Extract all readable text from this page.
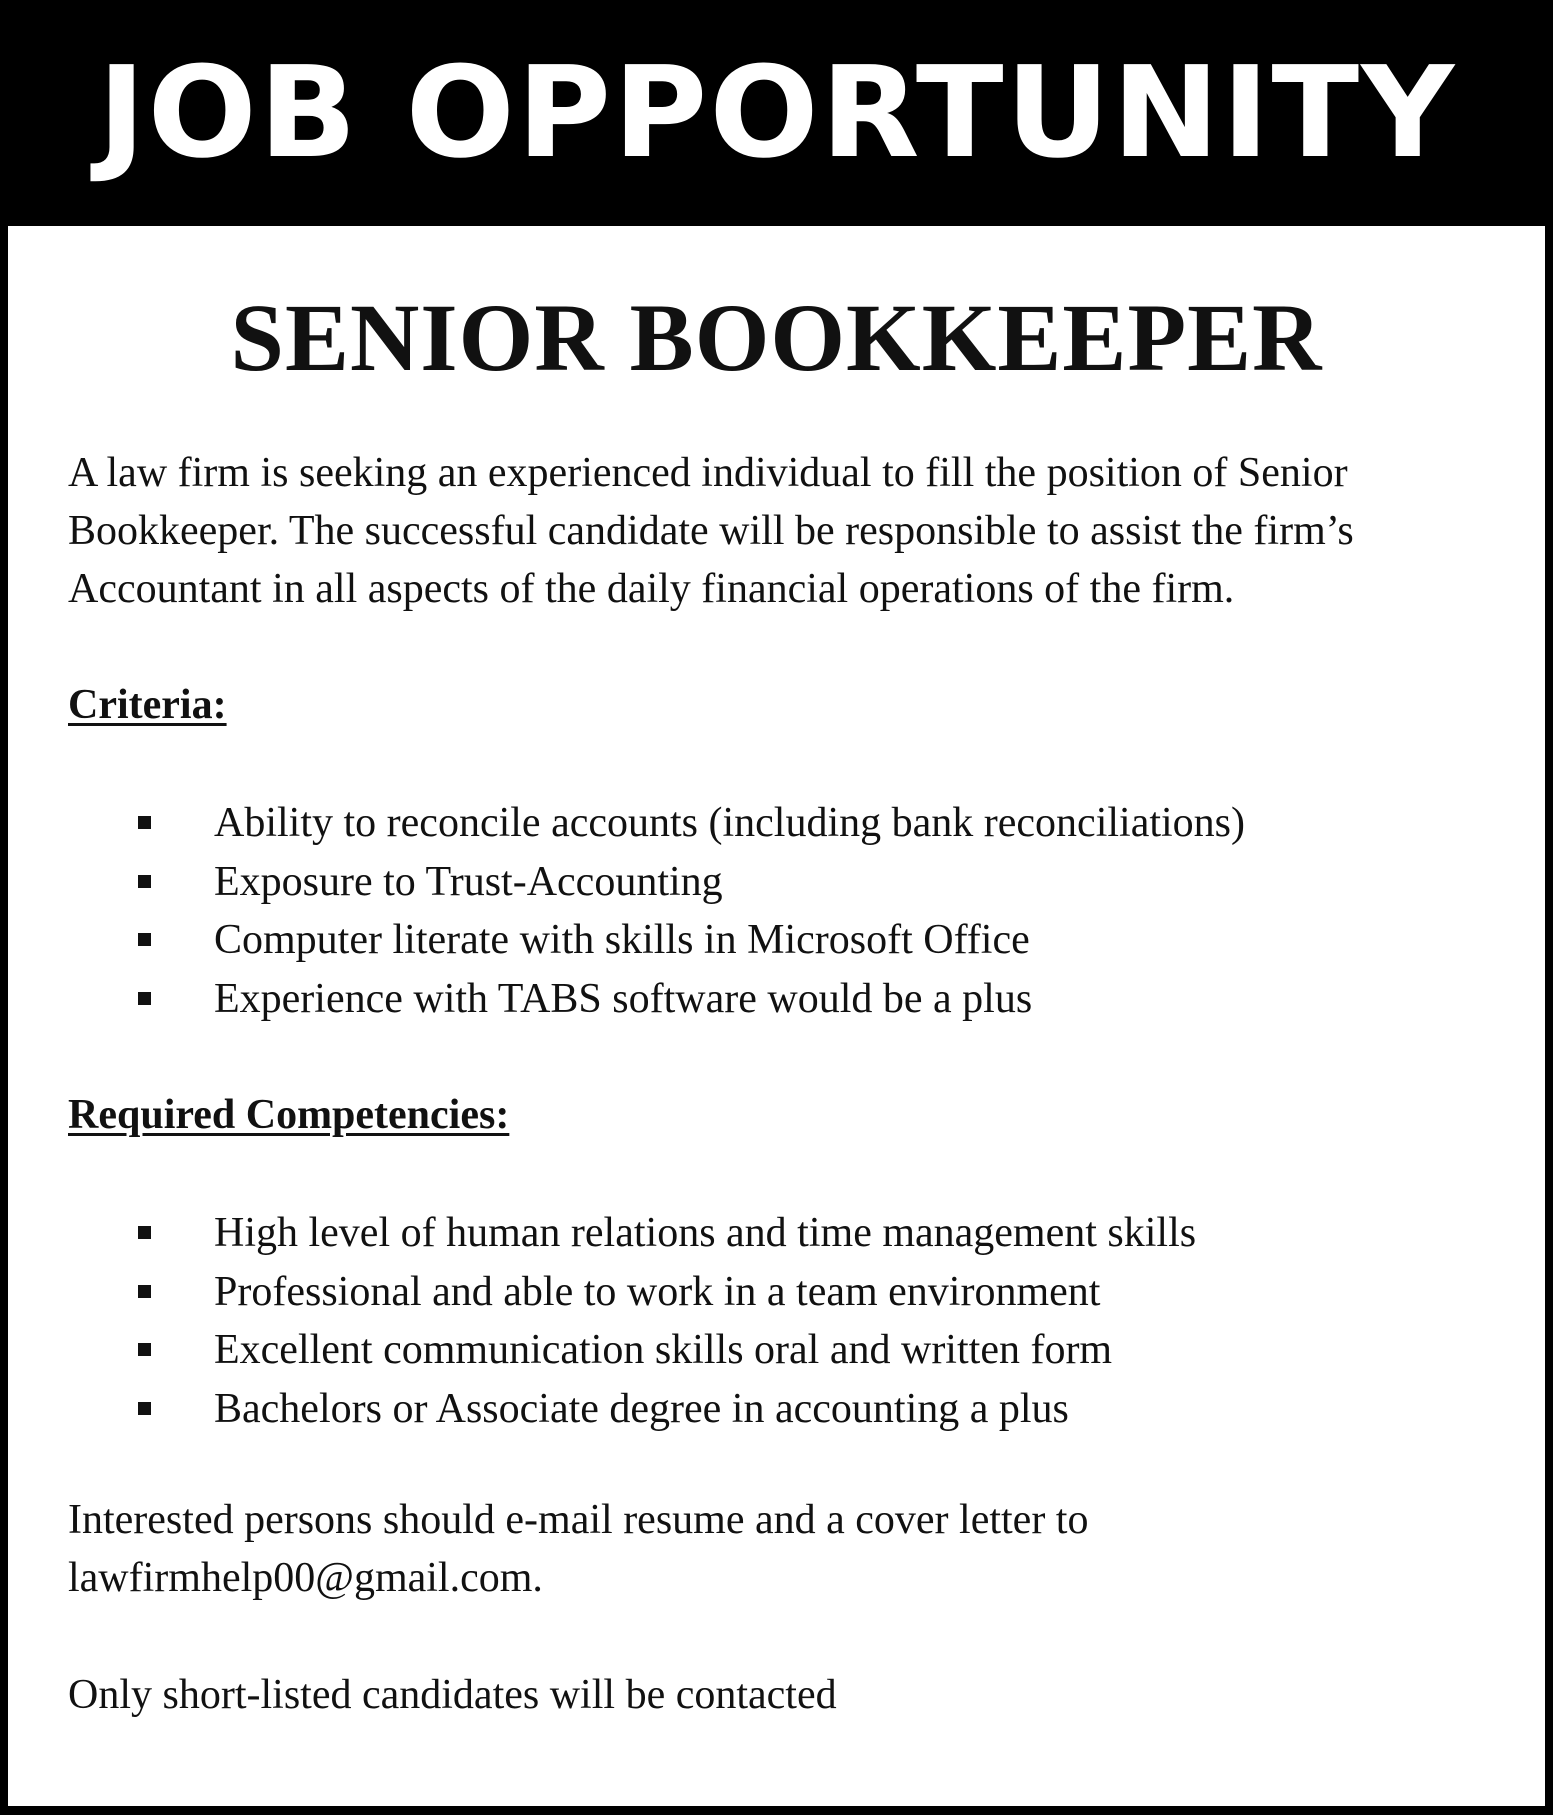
JOB OPPORTUNITY
SENIOR BOOKKEEPER

A law firm is seeking an experienced individual to fill the position of Senior
Bookkeeper. The successful candidate will be responsible to assist the firm’s
Accountant in all aspects of the daily financial operations of the firm.

Criteria:
Ability to reconcile accounts (including bank reconciliations)
Exposure to Trust-Accounting
Computer literate with skills in Microsoft Office
Experience with TABS software would be a plus
Required Competencies:
High level of human relations and time management skills
Professional and able to work in a team environment
Excellent communication skills oral and written form
Bachelors or Associate degree in accounting a plus

Interested persons should e-mail resume and a cover letter to
lawfirmhelp00@gmail.com.

Only short-listed candidates will be contacted
